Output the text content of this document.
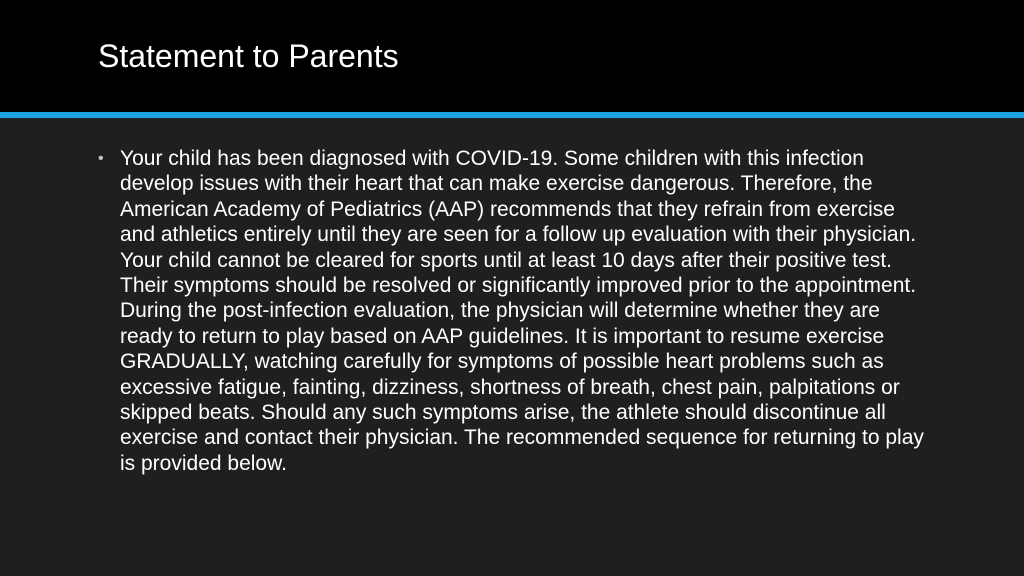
Statement to Parents
• Your child has been diagnosed with COVID-19. Some children with this infection develop issues with their heart that can make exercise dangerous. Therefore, the American Academy of Pediatrics (AAP) recommends that they refrain from exercise and athletics entirely until they are seen for a follow up evaluation with their physician. Your child cannot be cleared for sports until at least 10 days after their positive test. Their symptoms should be resolved or significantly improved prior to the appointment. During the post-infection evaluation, the physician will determine whether they are ready to return to play based on AAP guidelines. It is important to resume exercise GRADUALLY, watching carefully for symptoms of possible heart problems such as excessive fatigue, fainting, dizziness, shortness of breath, chest pain, palpitations or skipped beats. Should any such symptoms arise, the athlete should discontinue all exercise and contact their physician. The recommended sequence for returning to play is provided below.
